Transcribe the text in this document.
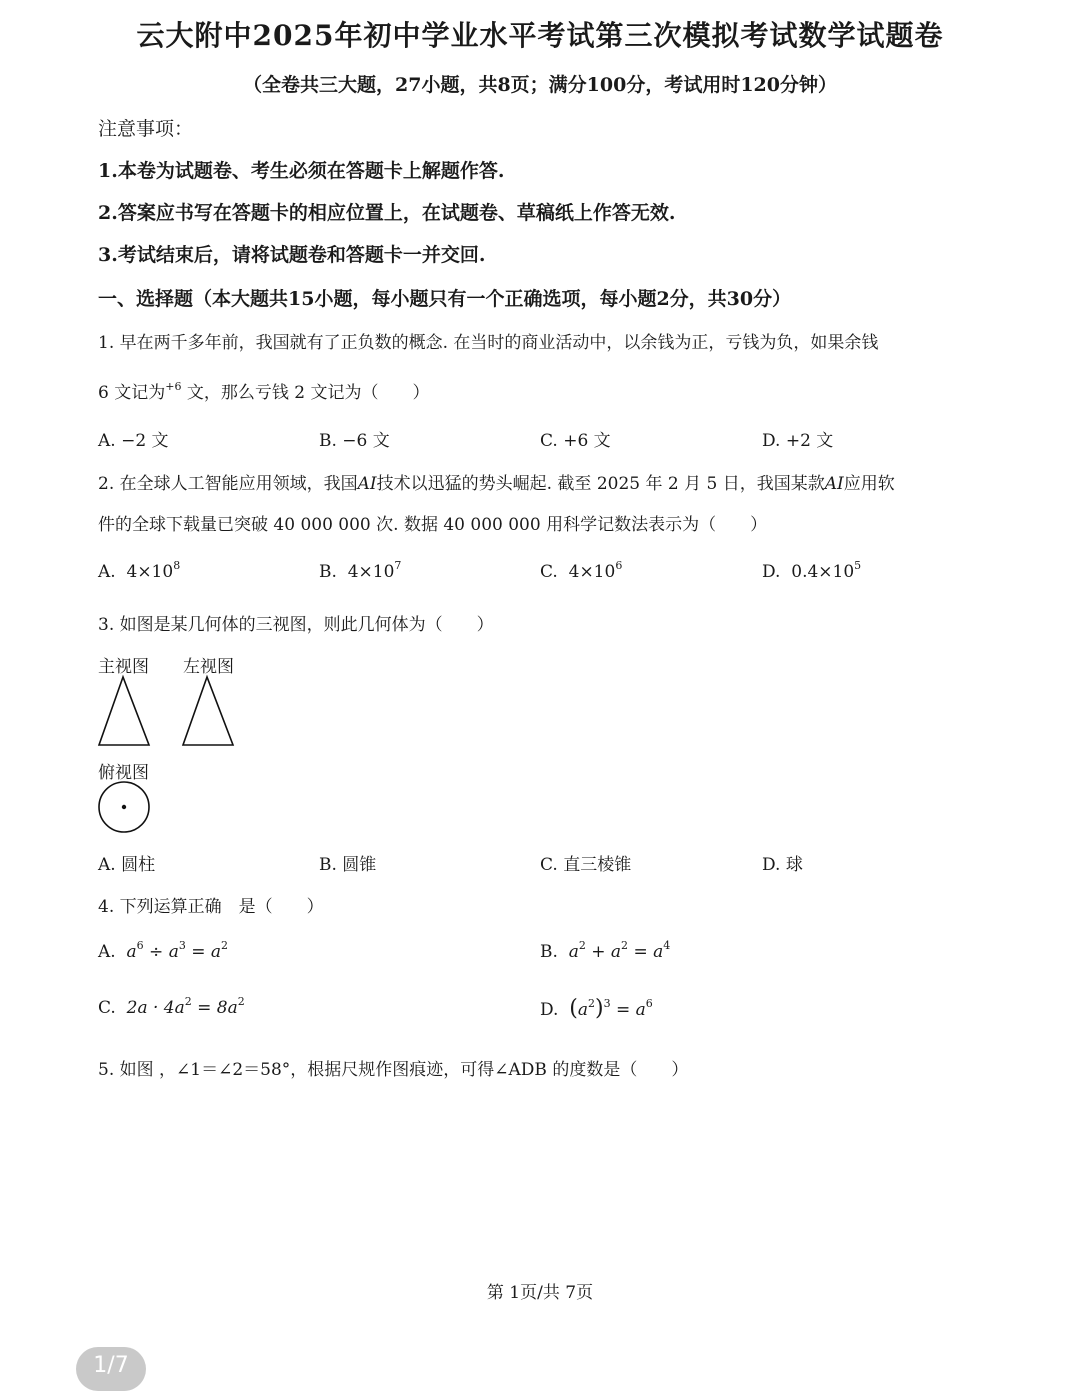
云大附中2025年初中学业水平考试第三次模拟考试数学试题卷
（全卷共三大题，27小题，共8页；满分100分，考试用时120分钟）
注意事项：
1.本卷为试题卷、考生必须在答题卡上解题作答.
2.答案应书写在答题卡的相应位置上，在试题卷、草稿纸上作答无效.
3.考试结束后，请将试题卷和答题卡一并交回.
一、选择题（本大题共15小题，每小题只有一个正确选项，每小题2分，共30分）
1. 早在两千多年前，我国就有了正负数的概念. 在当时的商业活动中，以余钱为正，亏钱为负，如果余钱
6 文记为$^{+6}$ 文，那么亏钱 2 文记为（　　）
A. −2 文	B. −6 文	C. +6 文	D. +2 文
2. 在全球人工智能应用领域，我国AI技术以迅猛的势头崛起. 截至 2025 年 2 月 5 日，我国某款AI应用软
件的全球下载量已突破 40 000 000 次. 数据 40 000 000 用科学记数法表示为（　　）
A. $4\times 10^8$	B. $4\times 10^7$	C. $4\times 10^6$	D. $0.4\times 10^5$
3. 如图是某几何体的三视图，则此几何体为（　　）
主视图 左视图
俯视图
A. 圆柱	B. 圆锥	C. 直三棱锥	D. 球
4. 下列运算正确　是（　　）
A. $a^6 \div a^3 = a^2$	B. $a^2 + a^2 = a^4$
C. $2a \cdot 4a^2 = 8a^2$	D. $(a^2)^3 = a^6$
5. 如图 ，∠1＝∠2＝58°，根据尺规作图痕迹，可得∠ADB 的度数是（　　）
第 1页/共 7页
1/7
